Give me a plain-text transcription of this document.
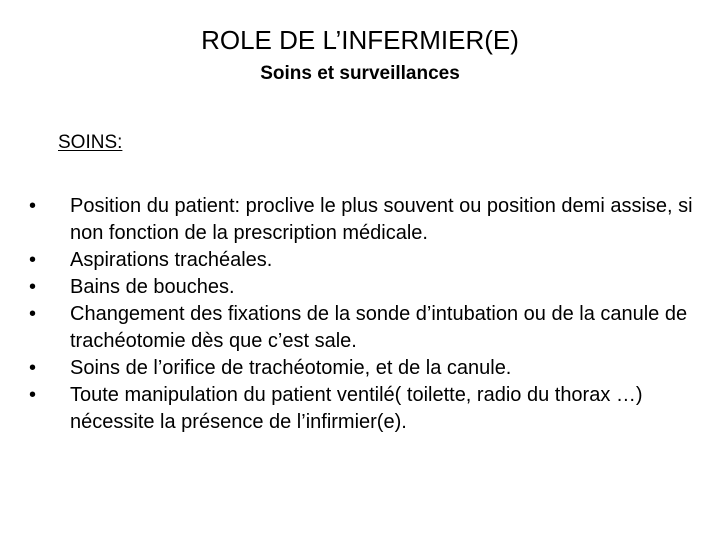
ROLE DE L’INFERMIER(E)
Soins et surveillances
SOINS:
•	Position du patient: proclive le plus souvent ou position demi assise, si non fonction de la prescription médicale.
•	Aspirations trachéales.
•	Bains de bouches.
•	Changement des fixations de la sonde d’intubation ou de la canule de trachéotomie dès que c’est sale.
•	Soins de l’orifice de trachéotomie, et de la canule.
•	Toute manipulation du patient ventilé( toilette, radio du thorax …) nécessite la présence de l’infirmier(e).
